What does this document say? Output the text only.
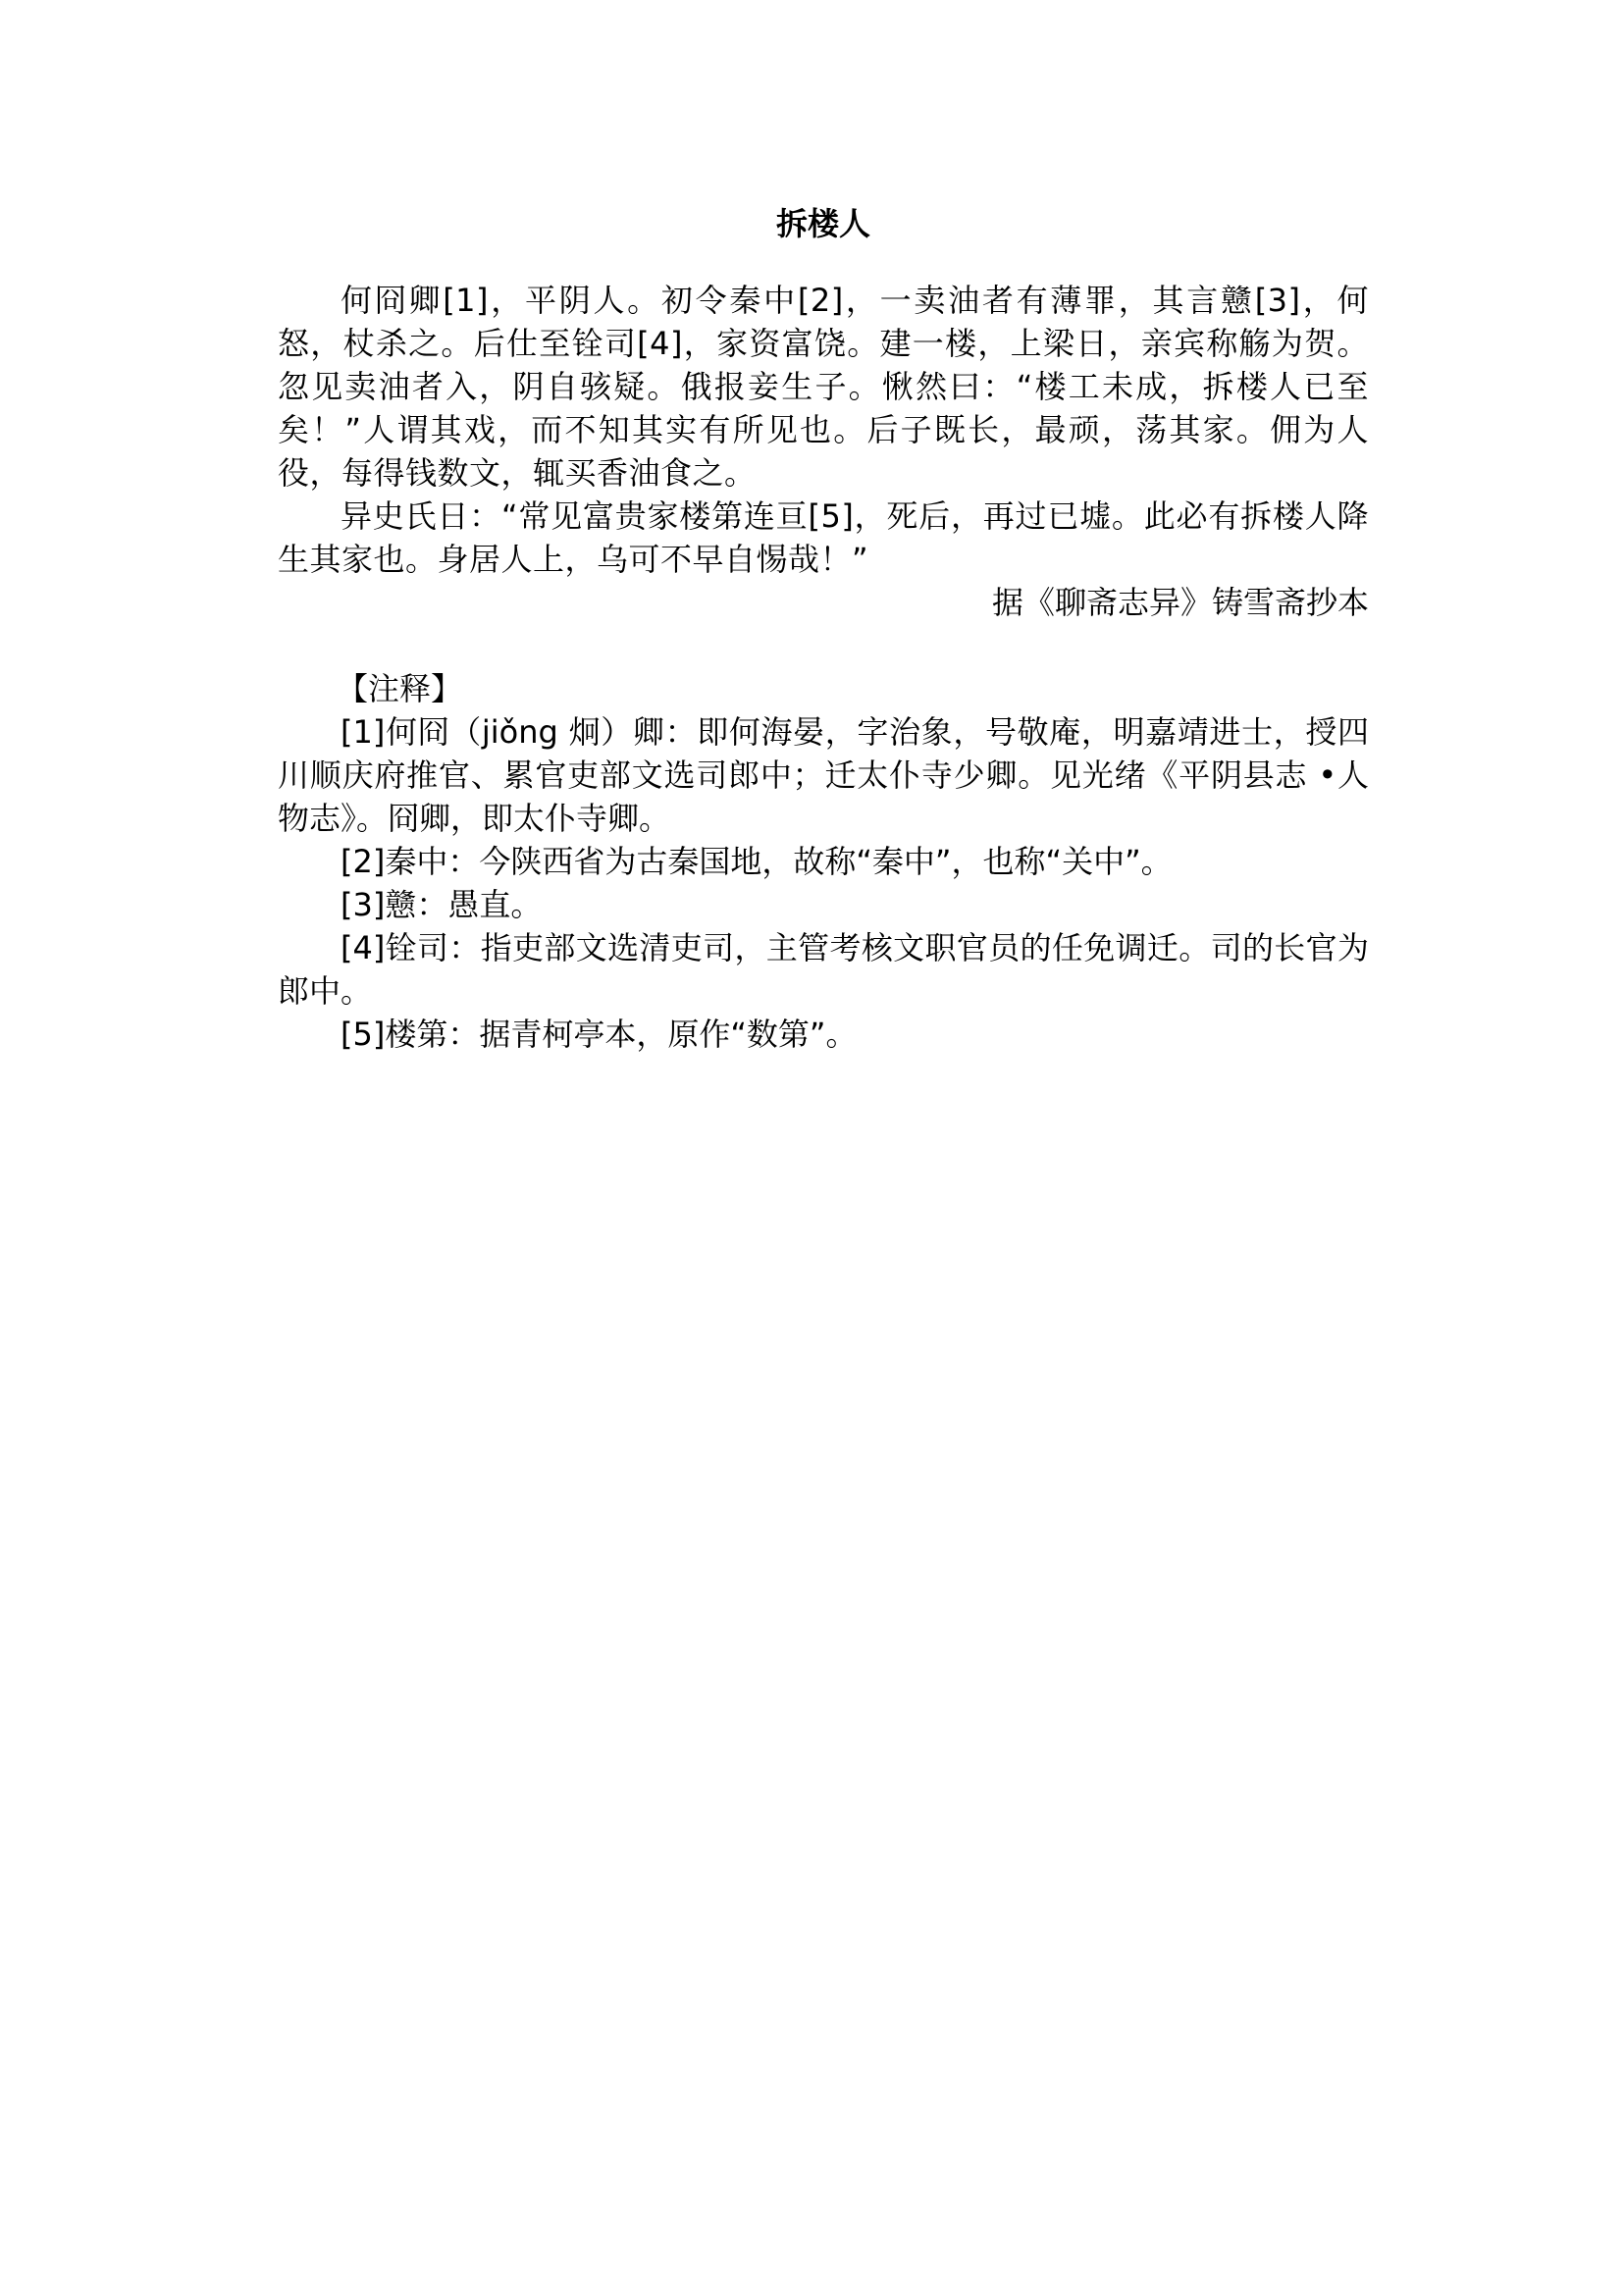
拆楼人

何冏卿[1]，平阴人。初令秦中[2]，一卖油者有薄罪，其言戆[3]，何怒，杖杀之。后仕至铨司[4]，家资富饶。建一楼，上梁日，亲宾称觞为贺。忽见卖油者入，阴自骇疑。俄报妾生子。愀然曰：“楼工未成，拆楼人已至矣！”人谓其戏，而不知其实有所见也。后子既长，最顽，荡其家。佣为人役，每得钱数文，辄买香油食之。

异史氏日：“常见富贵家楼第连亘[5]，死后，再过已墟。此必有拆楼人降生其家也。身居人上，乌可不早自惕哉！”

据《聊斋志异》铸雪斋抄本

【注释】

[1]何冏（jiǒng 炯）卿：即何海晏，字治象，号敬庵，明嘉靖进士，授四川顺庆府推官、累官吏部文选司郎中；迁太仆寺少卿。见光绪《平阴县志 •人物志》。冏卿，即太仆寺卿。

[2]秦中：今陕西省为古秦国地，故称“秦中”，也称“关中”。

[3]戆：愚直。

[4]铨司：指吏部文选清吏司，主管考核文职官员的任免调迁。司的长官为郎中。

[5]楼第：据青柯亭本，原作“数第”。
